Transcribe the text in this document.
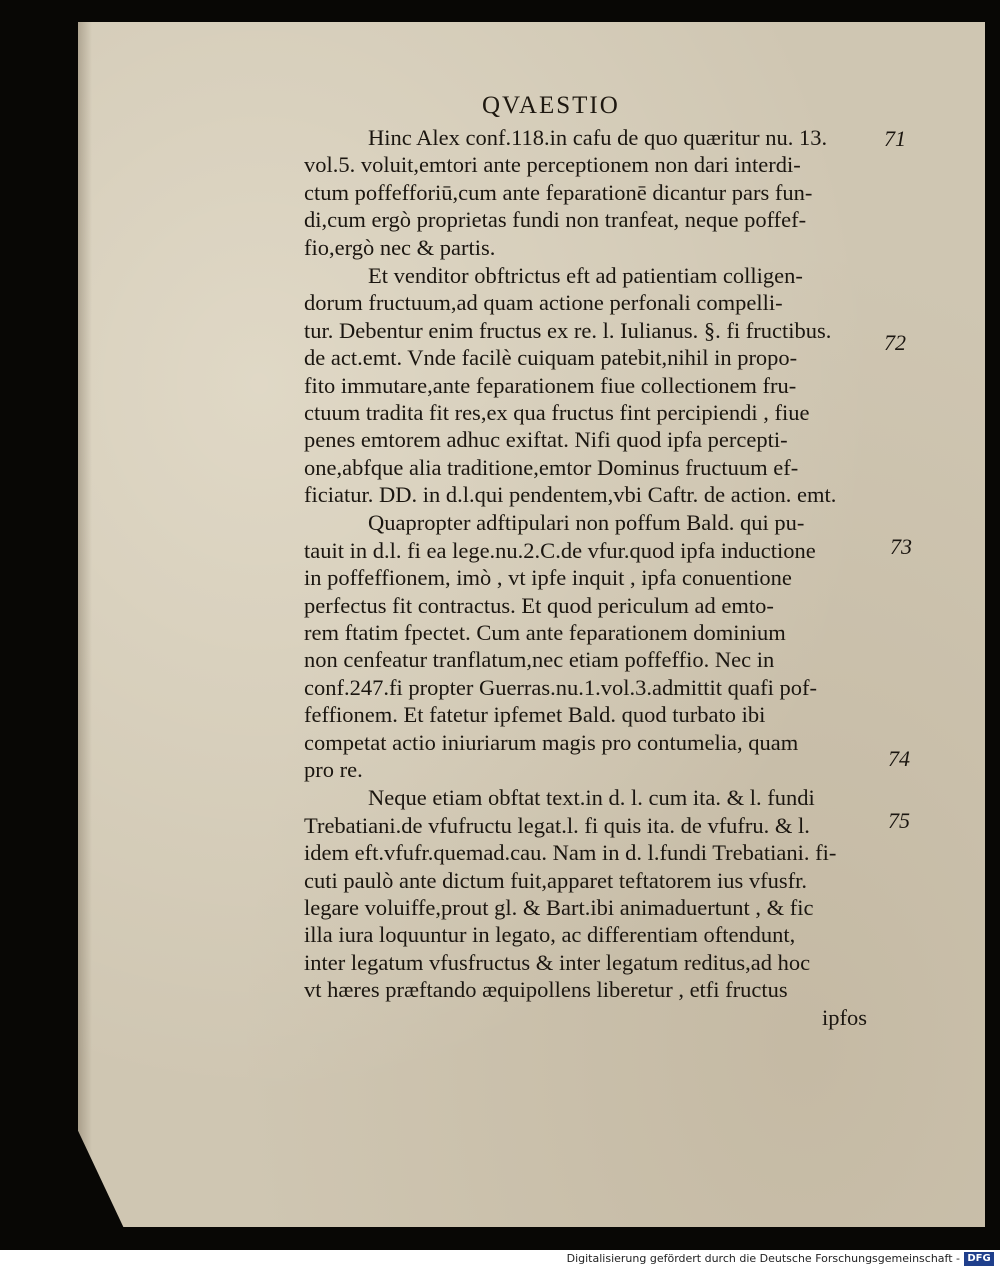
QVAESTIO
Hinc Alex conf.118.in cafu de quo quæritur nu. 13.
vol.5. voluit,emtori ante perceptionem non dari interdi-
ctum poffefforiū,cum ante feparationē dicantur pars fun-
di,cum ergò proprietas fundi non tranfeat, neque poffef-
fio,ergò nec & partis.
Et venditor obftrictus eft ad patientiam colligen-
dorum fructuum,ad quam actione perfonali compelli-
tur. Debentur enim fructus ex re. l. Iulianus. §. fi fructibus.
de act.emt. Vnde facilè cuiquam patebit,nihil in propo-
fito immutare,ante feparationem fiue collectionem fru-
ctuum tradita fit res,ex qua fructus fint percipiendi , fiue
penes emtorem adhuc exiftat. Nifi quod ipfa percepti-
one,abfque alia traditione,emtor Dominus fructuum ef-
ficiatur. DD. in d.l.qui pendentem,vbi Caftr. de action. emt.
Quapropter adftipulari non poffum Bald. qui pu-
tauit in d.l. fi ea lege.nu.2.C.de vfur.quod ipfa inductione
in poffeffionem, imò , vt ipfe inquit , ipfa conuentione
perfectus fit contractus. Et quod periculum ad emto-
rem ftatim fpectet. Cum ante feparationem dominium
non cenfeatur tranflatum,nec etiam poffeffio. Nec in
conf.247.fi propter Guerras.nu.1.vol.3.admittit quafi pof-
feffionem. Et fatetur ipfemet Bald. quod turbato ibi
competat actio iniuriarum magis pro contumelia, quam
pro re.
Neque etiam obftat text.in d. l. cum ita. & l. fundi
Trebatiani.de vfufructu legat.l. fi quis ita. de vfufru. & l.
idem eft.vfufr.quemad.cau. Nam in d. l.fundi Trebatiani. fi-
cuti paulò ante dictum fuit,apparet teftatorem ius vfusfr.
legare voluiffe,prout gl. & Bart.ibi animaduertunt , & fic
illa iura loquuntur in legato, ac differentiam oftendunt,
inter legatum vfusfructus & inter legatum reditus,ad hoc
vt hæres præftando æquipollens liberetur , etfi fructus
ipfos
71
72
73
74
75
Digitalisierung gefördert durch die Deutsche Forschungsgemeinschaft - DFG
